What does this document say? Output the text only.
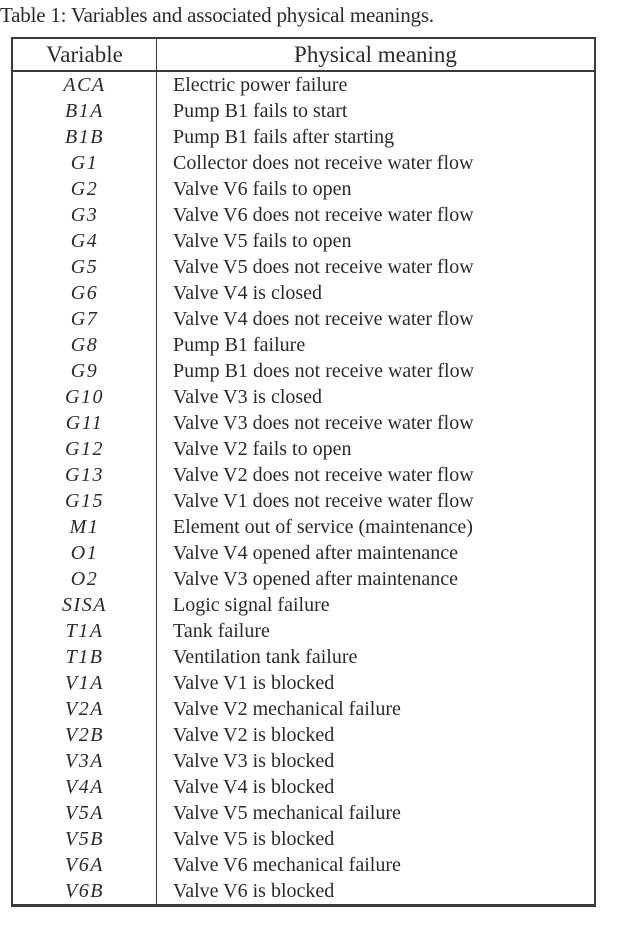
Table 1: Variables and associated physical meanings.
Variable	Physical meaning
ACA	Electric power failure
B1A	Pump B1 fails to start
B1B	Pump B1 fails after starting
G1	Collector does not receive water flow
G2	Valve V6 fails to open
G3	Valve V6 does not receive water flow
G4	Valve V5 fails to open
G5	Valve V5 does not receive water flow
G6	Valve V4 is closed
G7	Valve V4 does not receive water flow
G8	Pump B1 failure
G9	Pump B1 does not receive water flow
G10	Valve V3 is closed
G11	Valve V3 does not receive water flow
G12	Valve V2 fails to open
G13	Valve V2 does not receive water flow
G15	Valve V1 does not receive water flow
M1	Element out of service (maintenance)
O1	Valve V4 opened after maintenance
O2	Valve V3 opened after maintenance
SISA	Logic signal failure
T1A	Tank failure
T1B	Ventilation tank failure
V1A	Valve V1 is blocked
V2A	Valve V2 mechanical failure
V2B	Valve V2 is blocked
V3A	Valve V3 is blocked
V4A	Valve V4 is blocked
V5A	Valve V5 mechanical failure
V5B	Valve V5 is blocked
V6A	Valve V6 mechanical failure
V6B	Valve V6 is blocked
